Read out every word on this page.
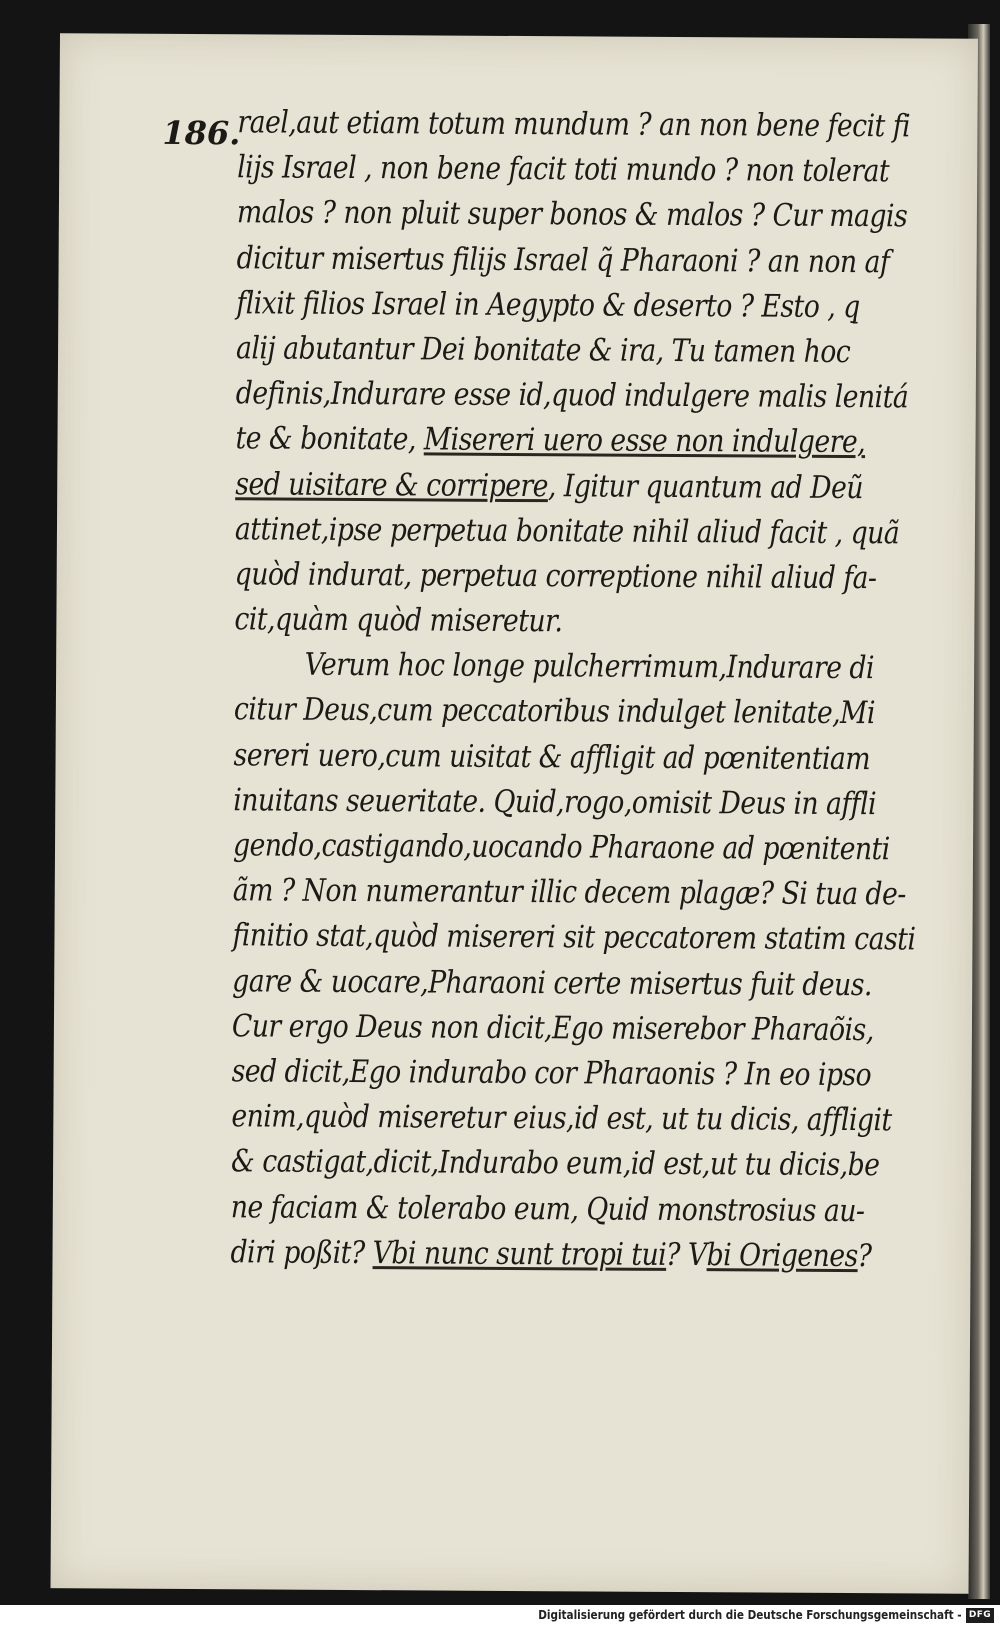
186.
rael,aut etiam totum mundum ? an non bene fecit fi
lijs Israel , non bene facit toti mundo ? non tolerat
malos ? non pluit super bonos & malos ? Cur magis
dicitur misertus filijs Israel q̃ Pharaoni ? an non af
flixit filios Israel in Aegypto & deserto ? Esto , q̧
alij abutantur Dei bonitate & ira, Tu tamen hoc
definis,Indurare esse id,quod indulgere malis lenitá
te & bonitate, Misereri uero esse non indulgere,
sed uisitare & corripere, Igitur quantum ad Deũ
attinet,ipse perpetua bonitate nihil aliud facit , quã
quòd indurat, perpetua correptione nihil aliud fa-
cit,quàm quòd miseretur.
Verum hoc longe pulcherrimum,Indurare di
citur Deus,cum peccatoribus indulget lenitate,Mi
sereri uero,cum uisitat & affligit ad pœnitentiam
inuitans seueritate. Quid,rogo,omisit Deus in affli
gendo,castigando,uocando Pharaone ad pœnitenti
ãm ? Non numerantur illic decem plagæ? Si tua de-
finitio stat,quòd misereri sit peccatorem statim casti
gare & uocare,Pharaoni certe misertus fuit deus.
Cur ergo Deus non dicit,Ego miserebor Pharaõis,
sed dicit,Ego indurabo cor Pharaonis ? In eo ipso
enim,quòd miseretur eius,id est, ut tu dicis, affligit
& castigat,dicit,Indurabo eum,id est,ut tu dicis,be
ne faciam & tolerabo eum, Quid monstrosius au-
diri poßit? Vbi nunc sunt tropi tui? Vbi Origenes?
Digitalisierung gefördert durch die Deutsche Forschungsgemeinschaft - DFG
